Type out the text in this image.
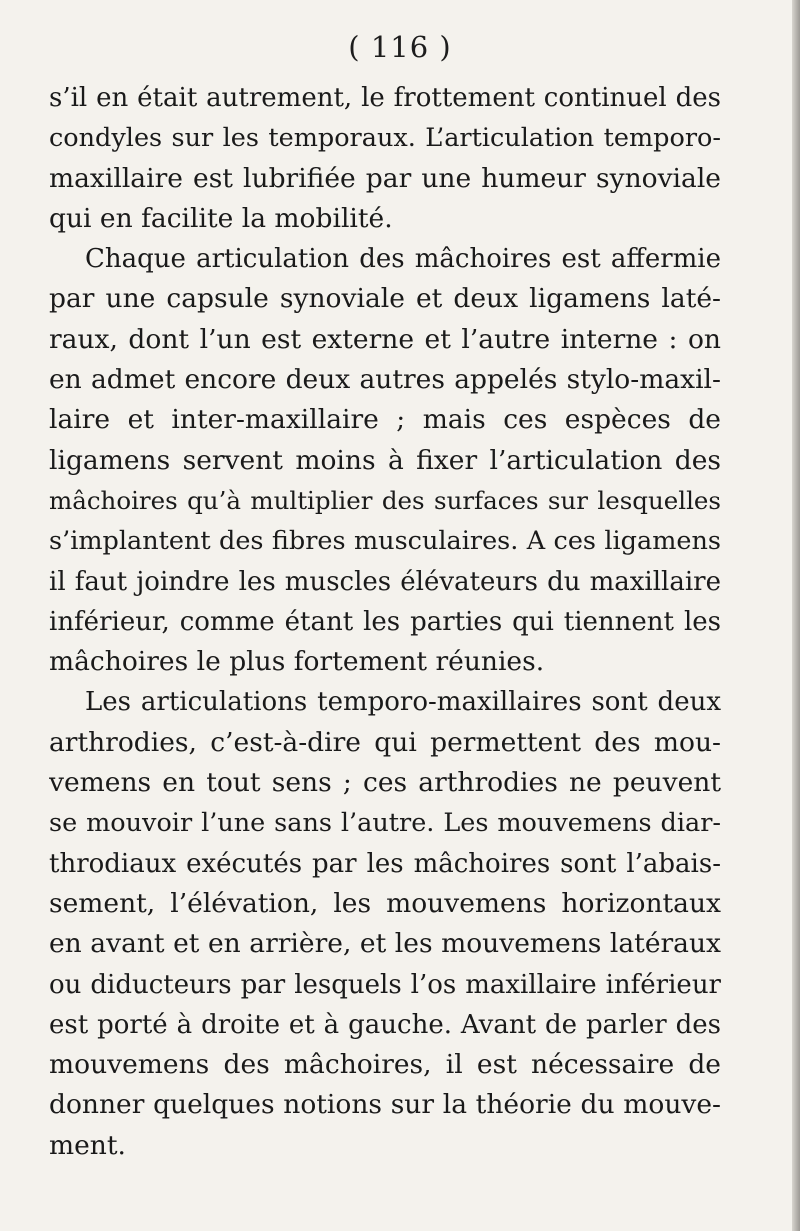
( 116 )
s’il en était autrement, le frottement continuel des
condyles sur les temporaux. L’articulation temporo-
maxillaire est lubrifiée par une humeur synoviale
qui en facilite la mobilité.
Chaque articulation des mâchoires est affermie
par une capsule synoviale et deux ligamens laté-
raux, dont l’un est externe et l’autre interne : on
en admet encore deux autres appelés stylo-maxil-
laire et inter-maxillaire ; mais ces espèces de
ligamens servent moins à fixer l’articulation des
mâchoires qu’à multiplier des surfaces sur lesquelles
s’implantent des fibres musculaires. A ces ligamens
il faut joindre les muscles élévateurs du maxillaire
inférieur, comme étant les parties qui tiennent les
mâchoires le plus fortement réunies.
Les articulations temporo-maxillaires sont deux
arthrodies, c’est-à-dire qui permettent des mou-
vemens en tout sens ; ces arthrodies ne peuvent
se mouvoir l’une sans l’autre. Les mouvemens diar-
throdiaux exécutés par les mâchoires sont l’abais-
sement, l’élévation, les mouvemens horizontaux
en avant et en arrière, et les mouvemens latéraux
ou diducteurs par lesquels l’os maxillaire inférieur
est porté à droite et à gauche. Avant de parler des
mouvemens des mâchoires, il est nécessaire de
donner quelques notions sur la théorie du mouve-
ment.
